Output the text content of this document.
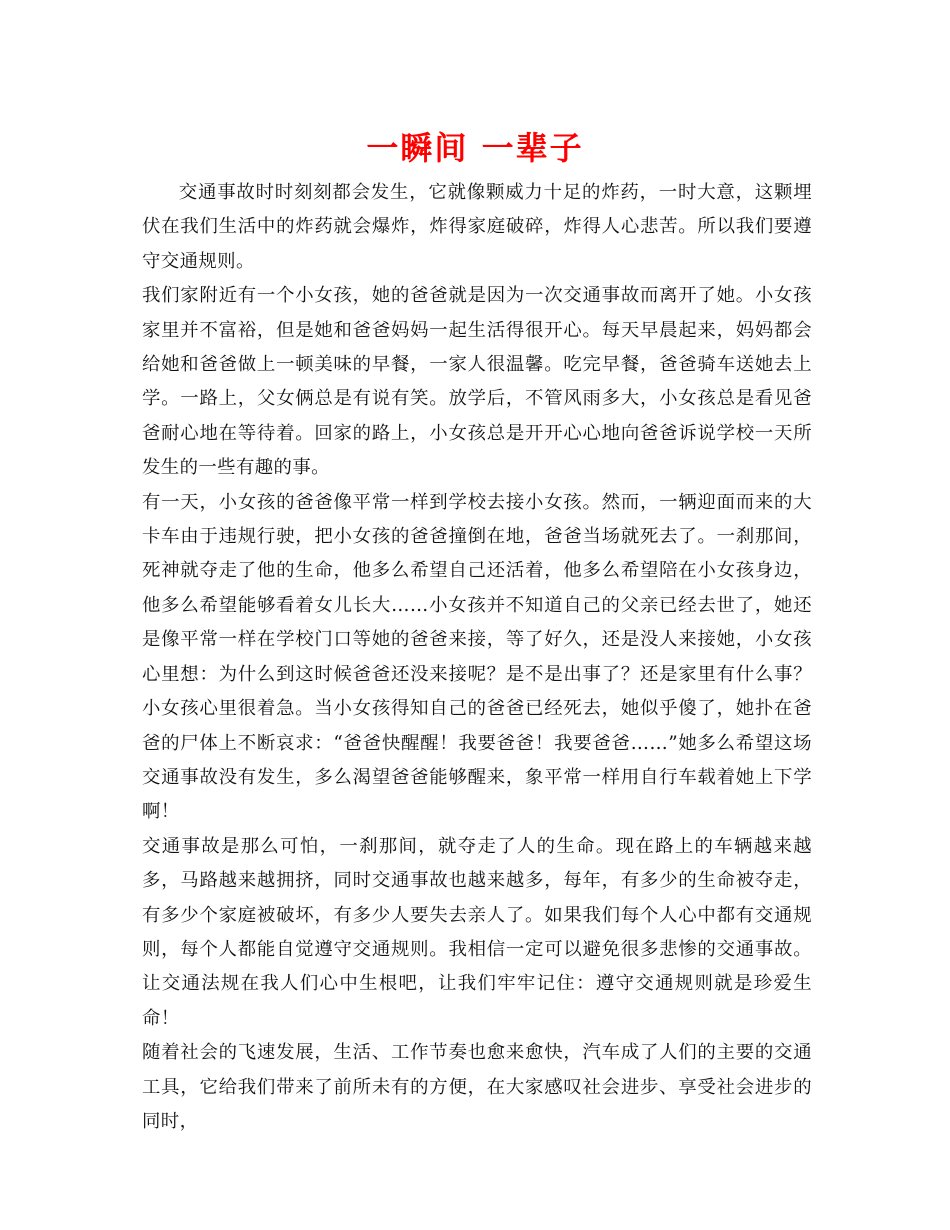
一瞬间 一辈子

交通事故时时刻刻都会发生，它就像颗威力十足的炸药，一时大意，这颗埋伏在我们生活中的炸药就会爆炸，炸得家庭破碎，炸得人心悲苦。所以我们要遵守交通规则。

我们家附近有一个小女孩，她的爸爸就是因为一次交通事故而离开了她。小女孩家里并不富裕，但是她和爸爸妈妈一起生活得很开心。每天早晨起来，妈妈都会给她和爸爸做上一顿美味的早餐，一家人很温馨。吃完早餐，爸爸骑车送她去上学。一路上，父女俩总是有说有笑。放学后，不管风雨多大，小女孩总是看见爸爸耐心地在等待着。回家的路上，小女孩总是开开心心地向爸爸诉说学校一天所发生的一些有趣的事。

有一天，小女孩的爸爸像平常一样到学校去接小女孩。然而，一辆迎面而来的大卡车由于违规行驶，把小女孩的爸爸撞倒在地，爸爸当场就死去了。一刹那间，死神就夺走了他的生命，他多么希望自己还活着，他多么希望陪在小女孩身边，他多么希望能够看着女儿长大……小女孩并不知道自己的父亲已经去世了，她还是像平常一样在学校门口等她的爸爸来接，等了好久，还是没人来接她，小女孩心里想：为什么到这时候爸爸还没来接呢？是不是出事了？还是家里有什么事？小女孩心里很着急。当小女孩得知自己的爸爸已经死去，她似乎傻了，她扑在爸爸的尸体上不断哀求：“爸爸快醒醒！我要爸爸！我要爸爸……”她多么希望这场交通事故没有发生，多么渴望爸爸能够醒来，象平常一样用自行车载着她上下学啊！

交通事故是那么可怕，一刹那间，就夺走了人的生命。现在路上的车辆越来越多，马路越来越拥挤，同时交通事故也越来越多，每年，有多少的生命被夺走，有多少个家庭被破坏，有多少人要失去亲人了。如果我们每个人心中都有交通规则，每个人都能自觉遵守交通规则。我相信一定可以避免很多悲惨的交通事故。让交通法规在我人们心中生根吧，让我们牢牢记住：遵守交通规则就是珍爱生命！

随着社会的飞速发展，生活、工作节奏也愈来愈快，汽车成了人们的主要的交通工具，它给我们带来了前所未有的方便，在大家感叹社会进步、享受社会进步的同时，
